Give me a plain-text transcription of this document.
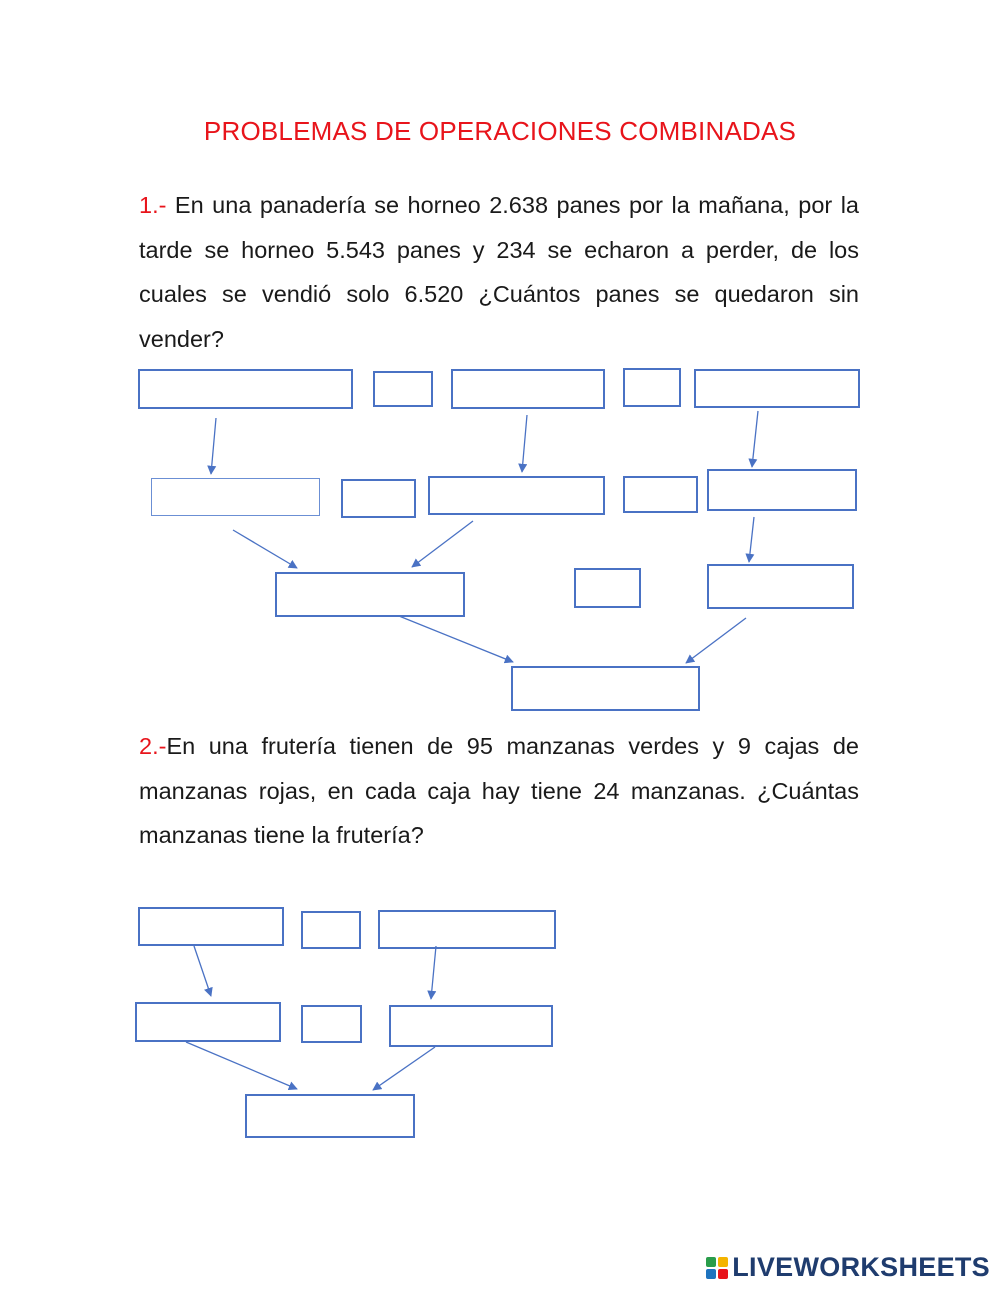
PROBLEMAS DE OPERACIONES COMBINADAS
1.- En una panadería se horneo 2.638 panes por la mañana, por la tarde se horneo 5.543 panes y 234 se echaron a perder, de los cuales se vendió solo 6.520 ¿Cuántos panes se quedaron sin vender?
2.-En una frutería tienen de 95 manzanas verdes y 9 cajas de manzanas rojas, en cada caja hay tiene 24 manzanas. ¿Cuántas manzanas tiene la frutería?
LIVEWORKSHEETS
